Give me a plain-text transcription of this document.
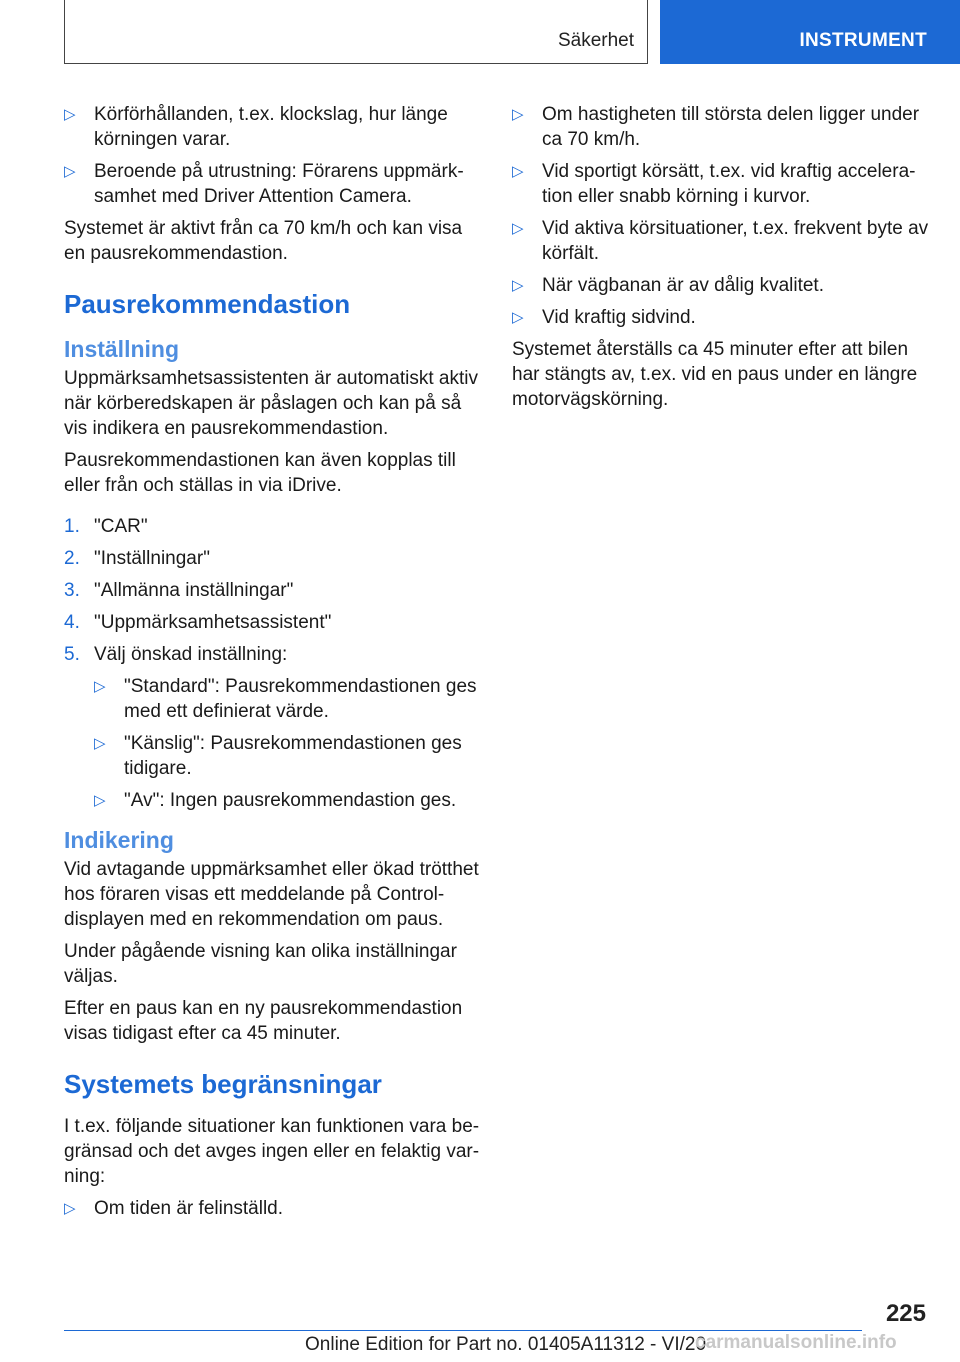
Säkerhet	INSTRUMENT
▷ Körförhållanden, t.ex. klockslag, hur länge körningen varar.
▷ Beroende på utrustning: Förarens uppmärksamhet med Driver Attention Camera.

Systemet är aktivt från ca 70 km/h och kan visa en pausrekommendastion.

Pausrekommendastion
Inställning

Uppmärksamhetsassistenten är automatiskt aktiv när körberedskapen är påslagen och kan på så vis indikera en pausrekommendastion.

Pausrekommendastionen kan även kopplas till eller från och ställas in via iDrive.

1. "CAR"
2. "Inställningar"
3. "Allmänna inställningar"
4. "Uppmärksamhetsassistent"
5. Välj önskad inställning:
▷ "Standard": Pausrekommendastionen ges med ett definierat värde.
▷ "Känslig": Pausrekommendastionen ges tidigare.
▷ "Av": Ingen pausrekommendastion ges.
Indikering

Vid avtagande uppmärksamhet eller ökad trötthet hos föraren visas ett meddelande på Control-displayen med en rekommendation om paus.

Under pågående visning kan olika inställningar väljas.

Efter en paus kan en ny pausrekommendastion visas tidigast efter ca 45 minuter.

Systemets begränsningar

I t.ex. följande situationer kan funktionen vara begränsad och det avges ingen eller en felaktig varning:

▷ Om tiden är felinställd.
▷ Om hastigheten till största delen ligger under ca 70 km/h.
▷ Vid sportigt körsätt, t.ex. vid kraftig acceleration eller snabb körning i kurvor.
▷ Vid aktiva körsituationer, t.ex. frekvent byte av körfält.
▷ När vägbanan är av dålig kvalitet.
▷ Vid kraftig sidvind.

Systemet återställs ca 45 minuter efter att bilen har stängts av, t.ex. vid en paus under en längre motorvägskörning.

225
Online Edition for Part no. 01405A11312 - VI/20
carmanualsonline.info
